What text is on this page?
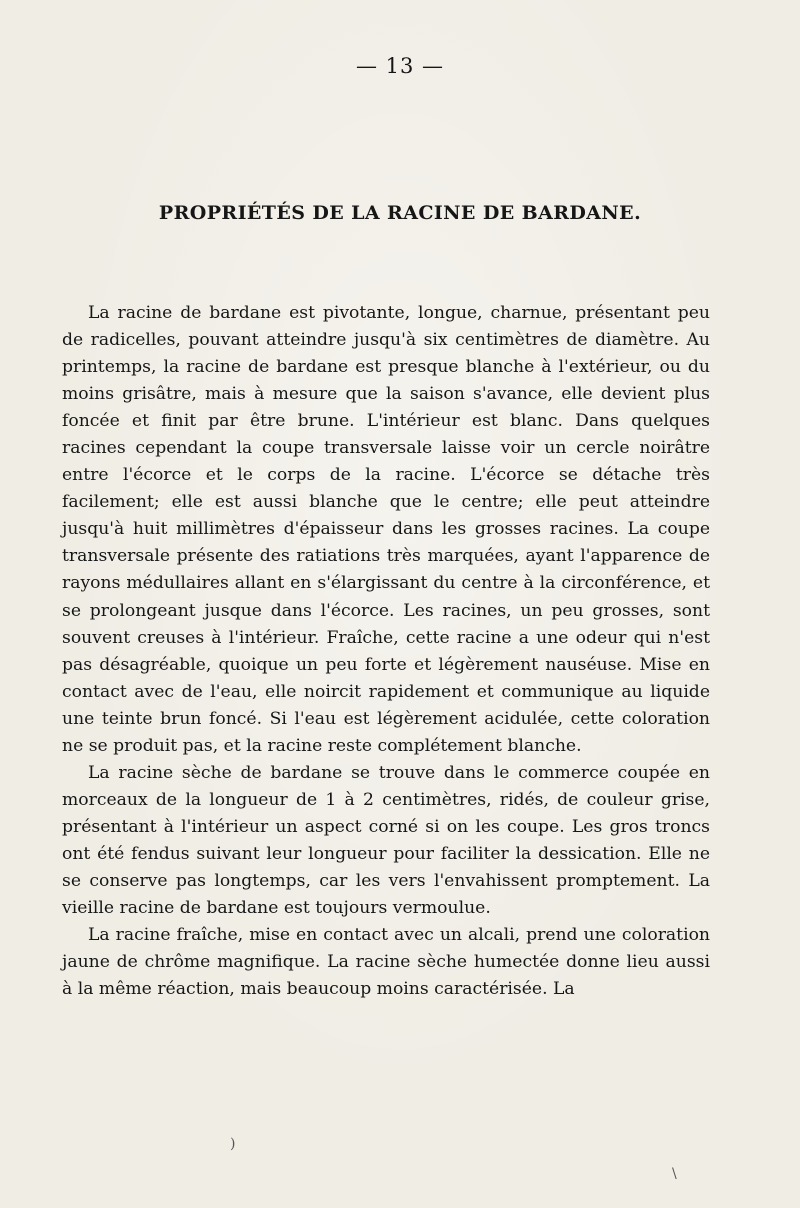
— 13 —
PROPRIÉTÉS DE LA RACINE DE BARDANE.

La racine de bardane est pivotante, longue, charnue, présentant peu de radicelles, pouvant atteindre jusqu'à six centimètres de diamètre. Au printemps, la racine de bardane est presque blanche à l'extérieur, ou du moins grisâtre, mais à mesure que la saison s'avance, elle devient plus foncée et finit par être brune. L'intérieur est blanc. Dans quelques racines cependant la coupe transversale laisse voir un cercle noirâtre entre l'écorce et le corps de la racine. L'écorce se détache très facilement; elle est aussi blanche que le centre; elle peut atteindre jusqu'à huit millimètres d'épaisseur dans les grosses racines. La coupe transversale présente des ratiations très marquées, ayant l'apparence de rayons médullaires allant en s'élargissant du centre à la circonférence, et se prolongeant jusque dans l'écorce. Les racines, un peu grosses, sont souvent creuses à l'intérieur. Fraîche, cette racine a une odeur qui n'est pas désagréable, quoique un peu forte et légèrement nauséuse. Mise en contact avec de l'eau, elle noircit rapidement et communique au liquide une teinte brun foncé. Si l'eau est légèrement acidulée, cette coloration ne se produit pas, et la racine reste complétement blanche.

La racine sèche de bardane se trouve dans le commerce coupée en morceaux de la longueur de 1 à 2 centimètres, ridés, de couleur grise, présentant à l'intérieur un aspect corné si on les coupe. Les gros troncs ont été fendus suivant leur longueur pour faciliter la dessication. Elle ne se conserve pas longtemps, car les vers l'envahissent promptement. La vieille racine de bardane est toujours vermoulue.

La racine fraîche, mise en contact avec un alcali, prend une coloration jaune de chrôme magnifique. La racine sèche humectée donne lieu aussi à la même réaction, mais beaucoup moins caractérisée. La

)
\
